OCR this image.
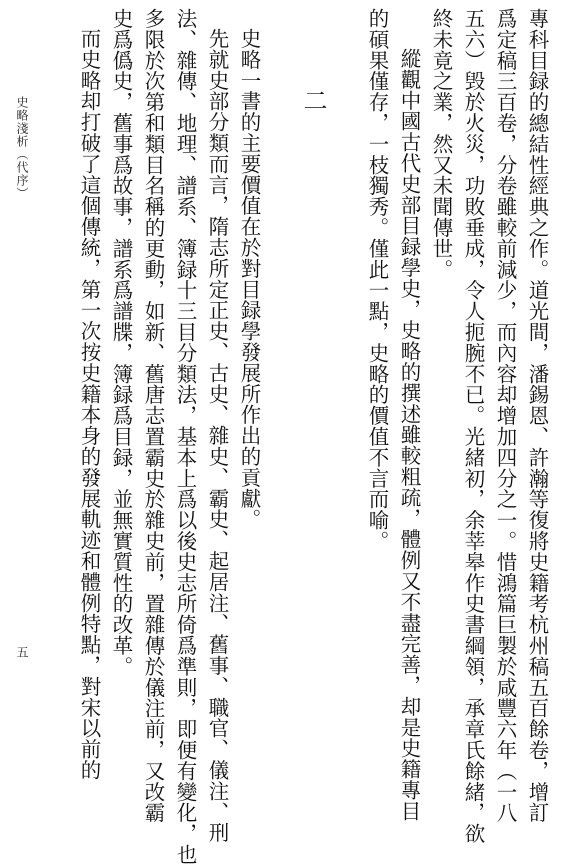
專科目録的總結性經典之作。道光間，潘錫恩、許瀚等復將史籍考杭州稿五百餘卷，增訂
爲定稿三百卷，分卷雖較前減少，而內容却增加四分之一。惜鴻篇巨製於咸豐六年（一八
五六）毁於火災，功敗垂成，令人扼腕不已。光緒初，余莘皋作史書綱領，承章氏餘緒，欲
終未竟之業，然又未聞傳世。
縱觀中國古代史部目録學史，史略的撰述雖較粗疏，體例又不盡完善，却是史籍專目
的碩果僅存，一枝獨秀。僅此一點，史略的價值不言而喻。
二
史略一書的主要價值在於對目録學發展所作出的貢獻。
先就史部分類而言，隋志所定正史、古史、雜史、霸史、起居注、舊事、職官、儀注、刑
法、雜傳、地理、譜系、簿録十三目分類法，基本上爲以後史志所倚爲準則，即便有變化，也
多限於次第和類目名稱的更動，如新、舊唐志置霸史於雜史前，置雜傳於儀注前，又改霸
史爲僞史，舊事爲故事，譜系爲譜牒，簿録爲目録，並無實質性的改革。
而史略却打破了這個傳統，第一次按史籍本身的發展軌迹和體例特點，對宋以前的
史略淺析（代序）
五
